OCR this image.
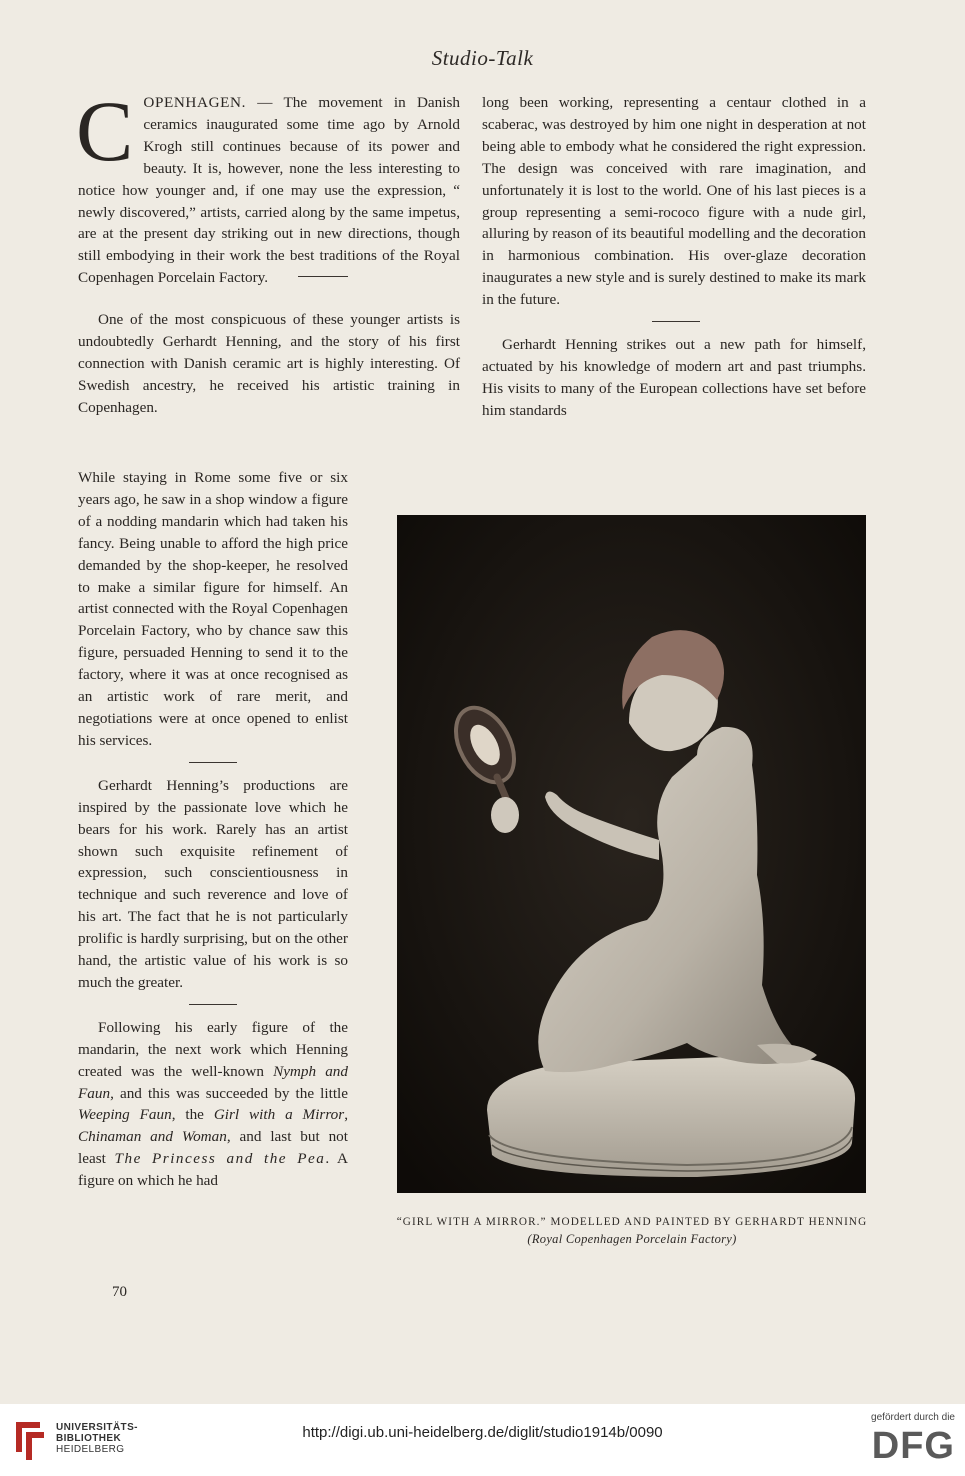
Studio-Talk

COPENHAGEN. — The movement in Danish ceramics inaugurated some time ago by Arnold Krogh still continues because of its power and beauty. It is, however, none the less interesting to notice how younger and, if one may use the expression, “ newly discovered,” artists, carried along by the same impetus, are at the present day striking out in new directions, though still embodying in their work the best traditions of the Royal Copenhagen Porcelain Factory.

One of the most conspicuous of these younger artists is undoubtedly Gerhardt Henning, and the story of his first connection with Danish ceramic art is highly interesting. Of Swedish ancestry, he received his artistic training in Copenhagen.

While staying in Rome some five or six years ago, he saw in a shop window a figure of a nodding mandarin which had taken his fancy. Being unable to afford the high price demanded by the shop-keeper, he resolved to make a similar figure for himself. An artist connected with the Royal Copenhagen Porcelain Factory, who by chance saw this figure, persuaded Henning to send it to the factory, where it was at once recognised as an artistic work of rare merit, and negotiations were at once opened to enlist his services.

Gerhardt Henning’s productions are inspired by the passionate love which he bears for his work. Rarely has an artist shown such exquisite refinement of expression, such conscientiousness in technique and such reverence and love of his art. The fact that he is not particularly prolific is hardly surprising, but on the other hand, the artistic value of his work is so much the greater.

Following his early figure of the mandarin, the next work which Henning created was the well-known Nymph and Faun, and this was succeeded by the little Weeping Faun, the Girl with a Mirror, Chinaman and Woman, and last but not least The Princess and the Pea. A figure on which he had

long been working, representing a centaur clothed in a scaberac, was destroyed by him one night in desperation at not being able to embody what he considered the right expression. The design was conceived with rare imagination, and unfortunately it is lost to the world. One of his last pieces is a group representing a semi-rococo figure with a nude girl, alluring by reason of its beautiful modelling and the decoration in harmonious combination. His over-glaze decoration inaugurates a new style and is surely destined to make its mark in the future.

Gerhardt Henning strikes out a new path for himself, actuated by his knowledge of modern art and past triumphs. His visits to many of the European collections have set before him standards

“GIRL WITH A MIRROR.” MODELLED AND PAINTED BY GERHARDT HENNING
(Royal Copenhagen Porcelain Factory)
70
UNIVERSITÄTS-
BIBLIOTHEK
HEIDELBERG
http://digi.ub.uni-heidelberg.de/diglit/studio1914b/0090
gefördert durch die
DFG
